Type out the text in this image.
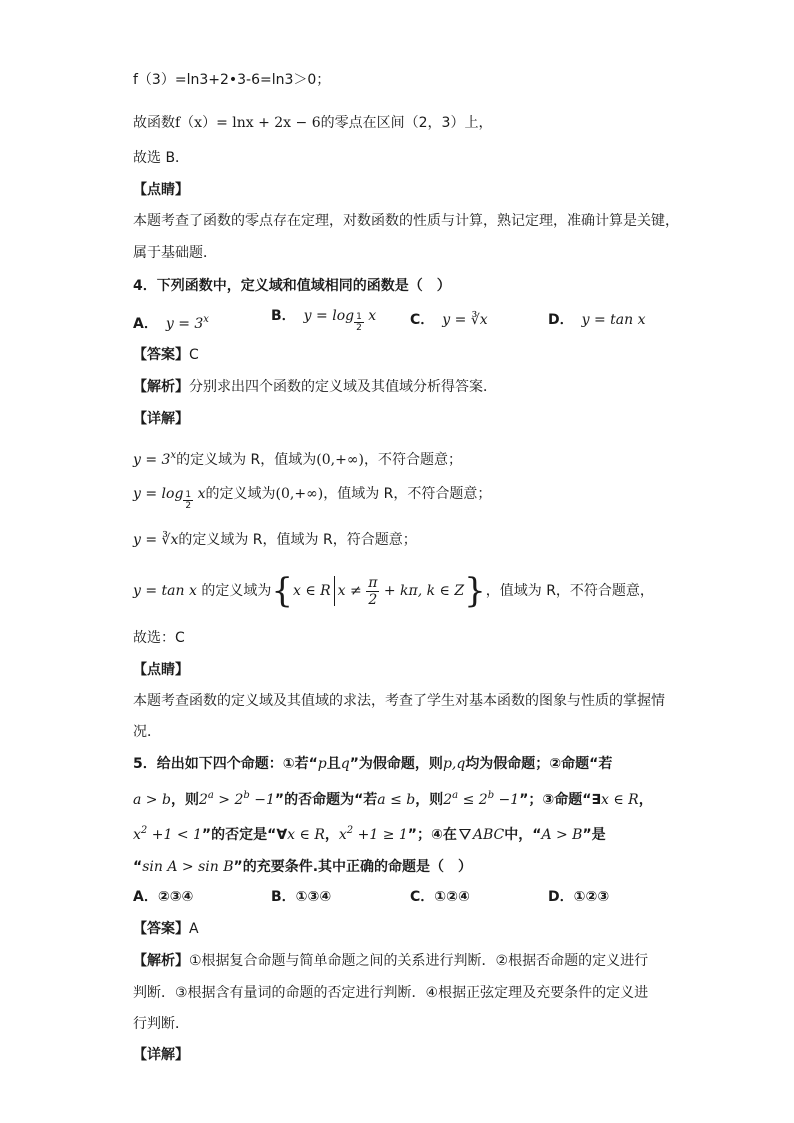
f（3）=ln3+2•3-6=ln3＞0；
故函数f（x）= lnx + 2x − 6的零点在区间（2，3）上，
故选 B．
【点睛】
本题考查了函数的零点存在定理，对数函数的性质与计算，熟记定理，准确计算是关键，
属于基础题．
4．下列函数中，定义域和值域相同的函数是（　）
A． $y = 3^x$	B． $y = \log \frac{1}{2}$ x C． y = ∛x	D． y = tan x
【答案】C
【解析】分别求出四个函数的定义域及其值域分析得答案．
【详解】
$y = 3^x$的定义域为 R，值域为(0,+∞)，不符合题意；
$y = \log \frac{1}{2}$ x的定义域为(0,+∞)，值域为 R，不符合题意；
y = ∛x的定义域为 R，值域为 R，符合题意；
y = tan x 的定义域为{x ∈ R $x \ne \frac{\pi}{2} + k\pi$, k ∈ Z}，值域为 R，不符合题意，
故选：C
【点睛】
本题考查函数的定义域及其值域的求法，考查了学生对基本函数的图象与性质的掌握情
况．
5．给出如下四个命题：①若“p且q”为假命题，则p,q均为假命题；②命题“若
a > b，则$2^a > 2^b -1$”的否命题为“若a ≤ b，则$2^a \le 2^b -1$”；③命题“∃x ∈ R，
$x^2 +1 < 1$”的否定是“∀x ∈ R，$x^2 +1 \ge 1$”；④在 ABC中，“A > B”是
“sin A > sin B”的充要条件.其中正确的命题是（　）
A．②③④	B．①③④	C．①②④	D．①②③
【答案】A
【解析】①根据复合命题与简单命题之间的关系进行判断．②根据否命题的定义进行
判断．③根据含有量词的命题的否定进行判断．④根据正弦定理及充要条件的定义进
行判断．
【详解】
